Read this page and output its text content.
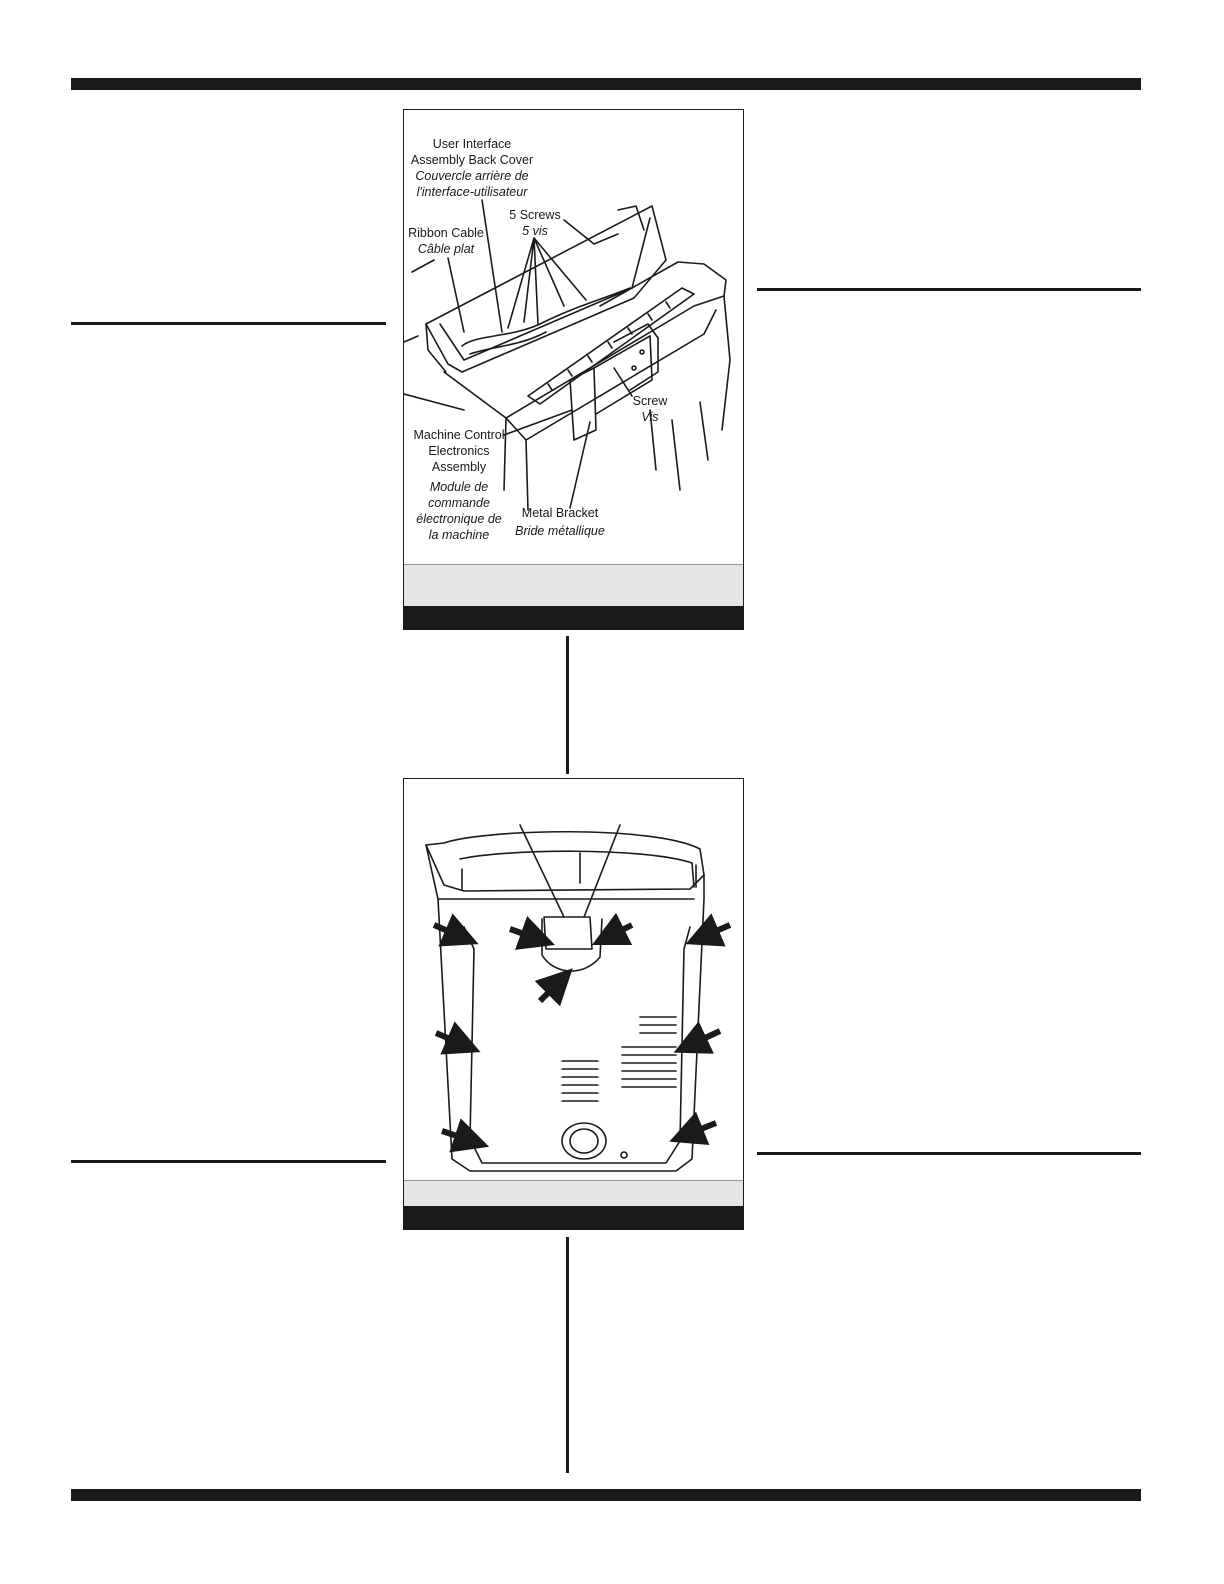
User Interface
Assembly Back Cover
Couvercle arrière de
l'interface-utilisateur
5 Screws
5 vis
Ribbon Cable
Câble plat
Screw
Vis
Machine Control
Electronics
Assembly
Module de
commande
électronique de
la machine
Metal Bracket
Bride métallique
